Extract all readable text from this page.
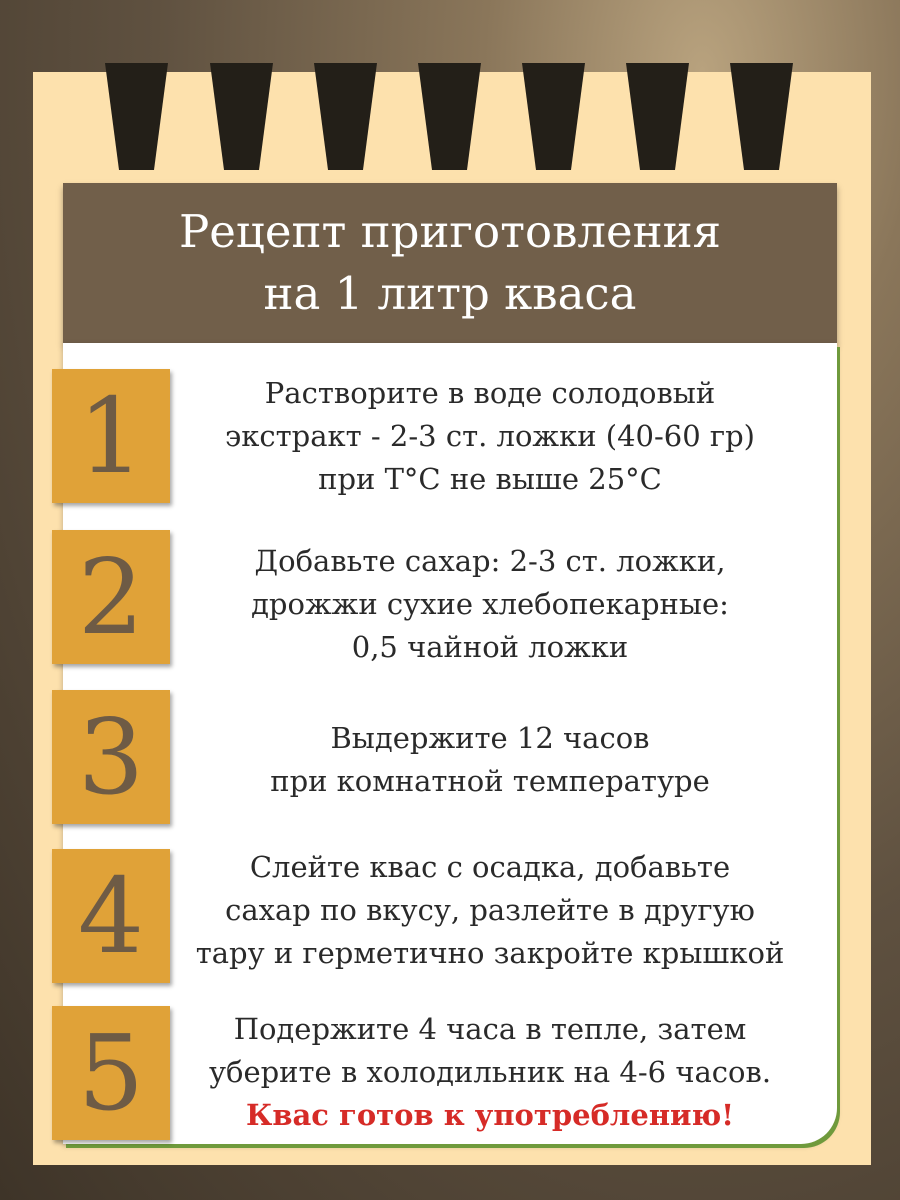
Рецепт приготовления
на 1 литр кваса
1	Растворите в воде солодовый
экстракт - 2-3 ст. ложки (40-60 гр)
при Т°С не выше 25°С
2	Добавьте сахар: 2-3 ст. ложки,
дрожжи сухие хлебопекарные:
0,5 чайной ложки
3	Выдержите 12 часов
при комнатной температуре
4	Слейте квас с осадка, добавьте
сахар по вкусу, разлейте в другую
тару и герметично закройте крышкой
5	Подержите 4 часа в тепле, затем
уберите в холодильник на 4-6 часов.
Квас готов к употреблению!
